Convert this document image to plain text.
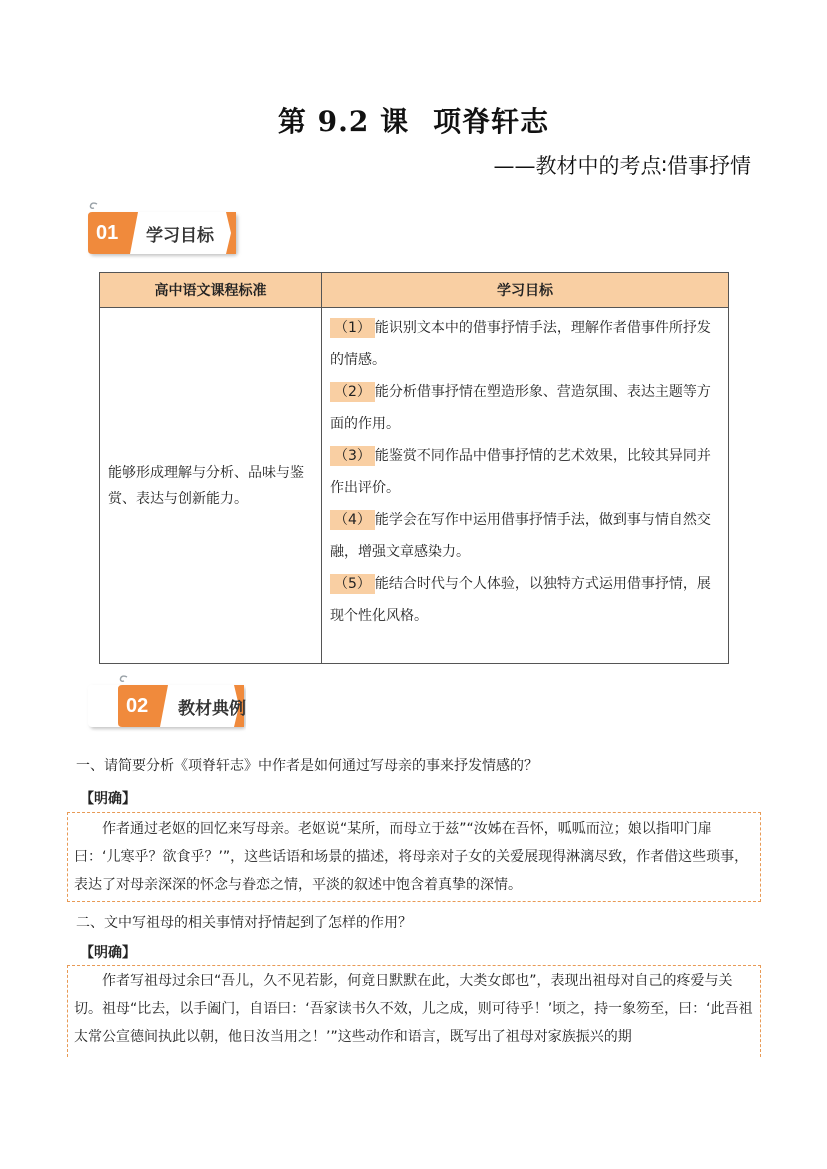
第 9.2 课 项脊轩志
——教材中的考点∶借事抒情
01 学习目标
高中语文课程标准	学习目标
能够形成理解与分析、品味与鉴赏、表达与创新能力。	（1） 能识别文本中的借事抒情手法，理解作者借事件所抒发的情感。
（2） 能分析借事抒情在塑造形象、营造氛围、表达主题等方面的作用。
（3） 能鉴赏不同作品中借事抒情的艺术效果，比较其异同并作出评价。
（4） 能学会在写作中运用借事抒情手法，做到事与情自然交融，增强文章感染力。
（5） 能结合时代与个人体验，以独特方式运用借事抒情，展现个性化风格。
02 教材典例
一、请简要分析《项脊轩志》中作者是如何通过写母亲的事来抒发情感的？
【明确】

作者通过老妪的回忆来写母亲。老妪说“某所，而母立于兹”“汝姊在吾怀，呱呱而泣；娘以指叩门扉曰：‘儿寒乎？欲食乎？’”，这些话语和场景的描述，将母亲对子女的关爱展现得淋漓尽致，作者借这些琐事，表达了对母亲深深的怀念与眷恋之情，平淡的叙述中饱含着真挚的深情。

二、文中写祖母的相关事情对抒情起到了怎样的作用？
【明确】

作者写祖母过余曰“吾儿，久不见若影，何竟日默默在此，大类女郎也”，表现出祖母对自己的疼爱与关切。祖母“比去，以手阖门，自语曰：‘吾家读书久不效，儿之成，则可待乎！’顷之，持一象笏至，曰：‘此吾祖太常公宣德间执此以朝，他日汝当用之！’”这些动作和语言，既写出了祖母对家族振兴的期
